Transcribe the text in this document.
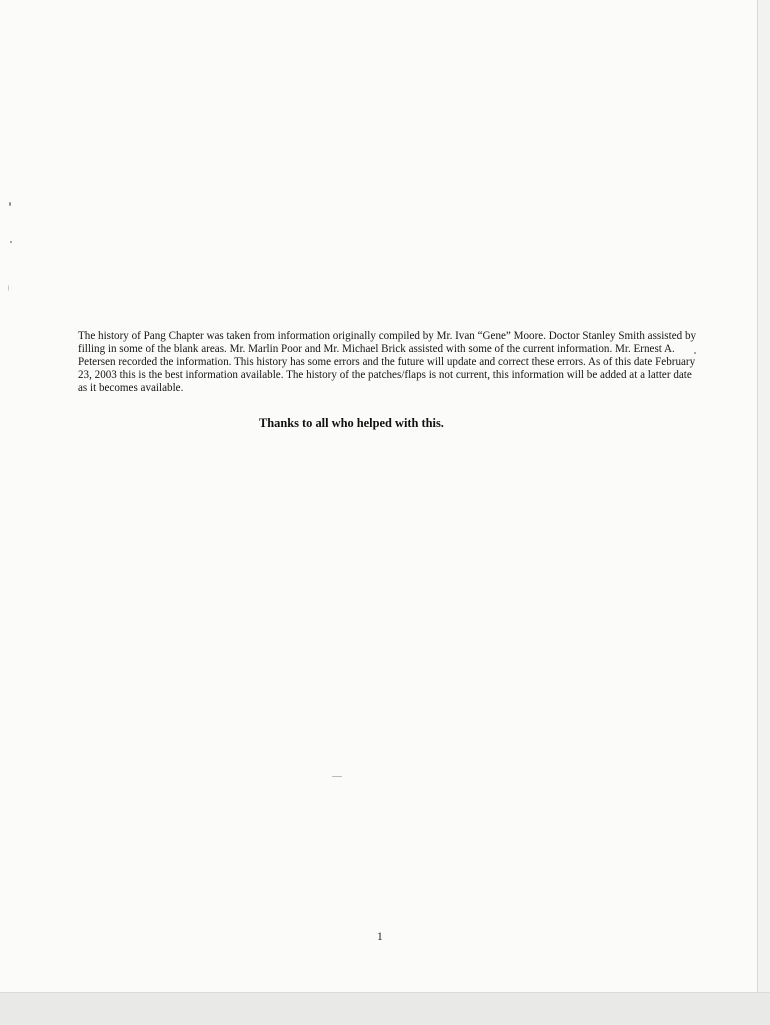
The history of Pang Chapter was taken from information originally compiled by Mr. Ivan “Gene” Moore. Doctor Stanley Smith assisted by filling in some of the blank areas. Mr. Marlin Poor and Mr. Michael Brick assisted with some of the current information. Mr. Ernest A. Petersen recorded the information. This history has some errors and the future will update and correct these errors. As of this date February 23, 2003 this is the best information available. The history of the patches/flaps is not current, this information will be added at a latter date as it becomes available.

Thanks to all who helped with this.

1
